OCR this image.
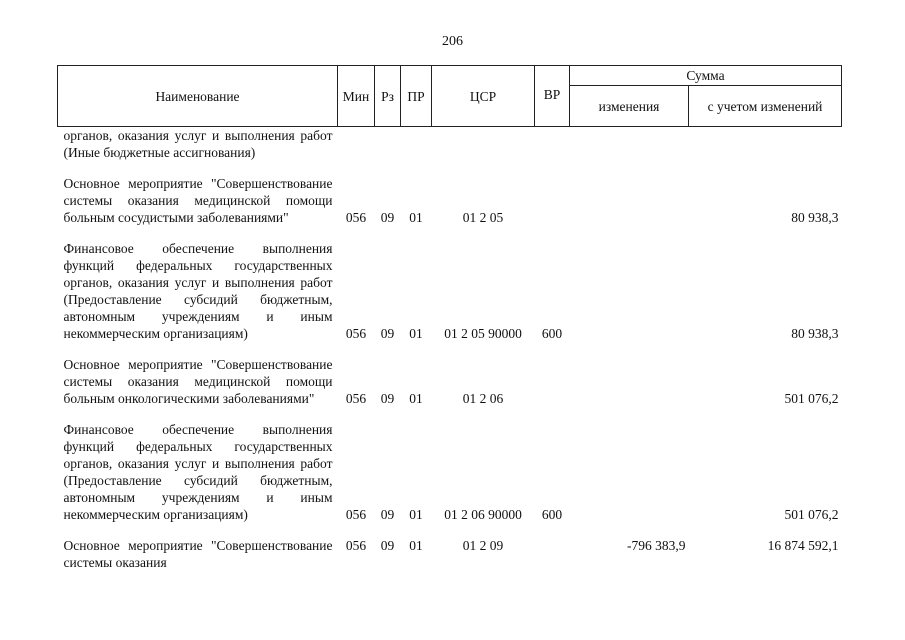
206
Наименование	Мин	Рз	ПР	ЦСР	ВР	Сумма	
						изменения	с учетом изменений
органов, оказания услуг и выполнения работ (Иные бюджетные ассигнования)							

Основное мероприятие "Совершенствование системы оказания медицинской помощи больным сосудистыми заболеваниями"	056	09	01	01 2 05			80 938,3

Финансовое обеспечение выполнения функций федеральных государственных органов, оказания услуг и выполнения работ (Предоставление субсидий бюджетным, автономным учреждениям и иным некоммерческим организациям)	056	09	01	01 2 05 90000	600		80 938,3

Основное мероприятие "Совершенствование системы оказания медицинской помощи больным онкологическими заболеваниями"	056	09	01	01 2 06			501 076,2

Финансовое обеспечение выполнения функций федеральных государственных органов, оказания услуг и выполнения работ (Предоставление субсидий бюджетным, автономным учреждениям и иным некоммерческим организациям)	056	09	01	01 2 06 90000	600		501 076,2

Основное мероприятие "Совершенствование системы оказания	056	09	01	01 2 09		-796 383,9	16 874 592,1
